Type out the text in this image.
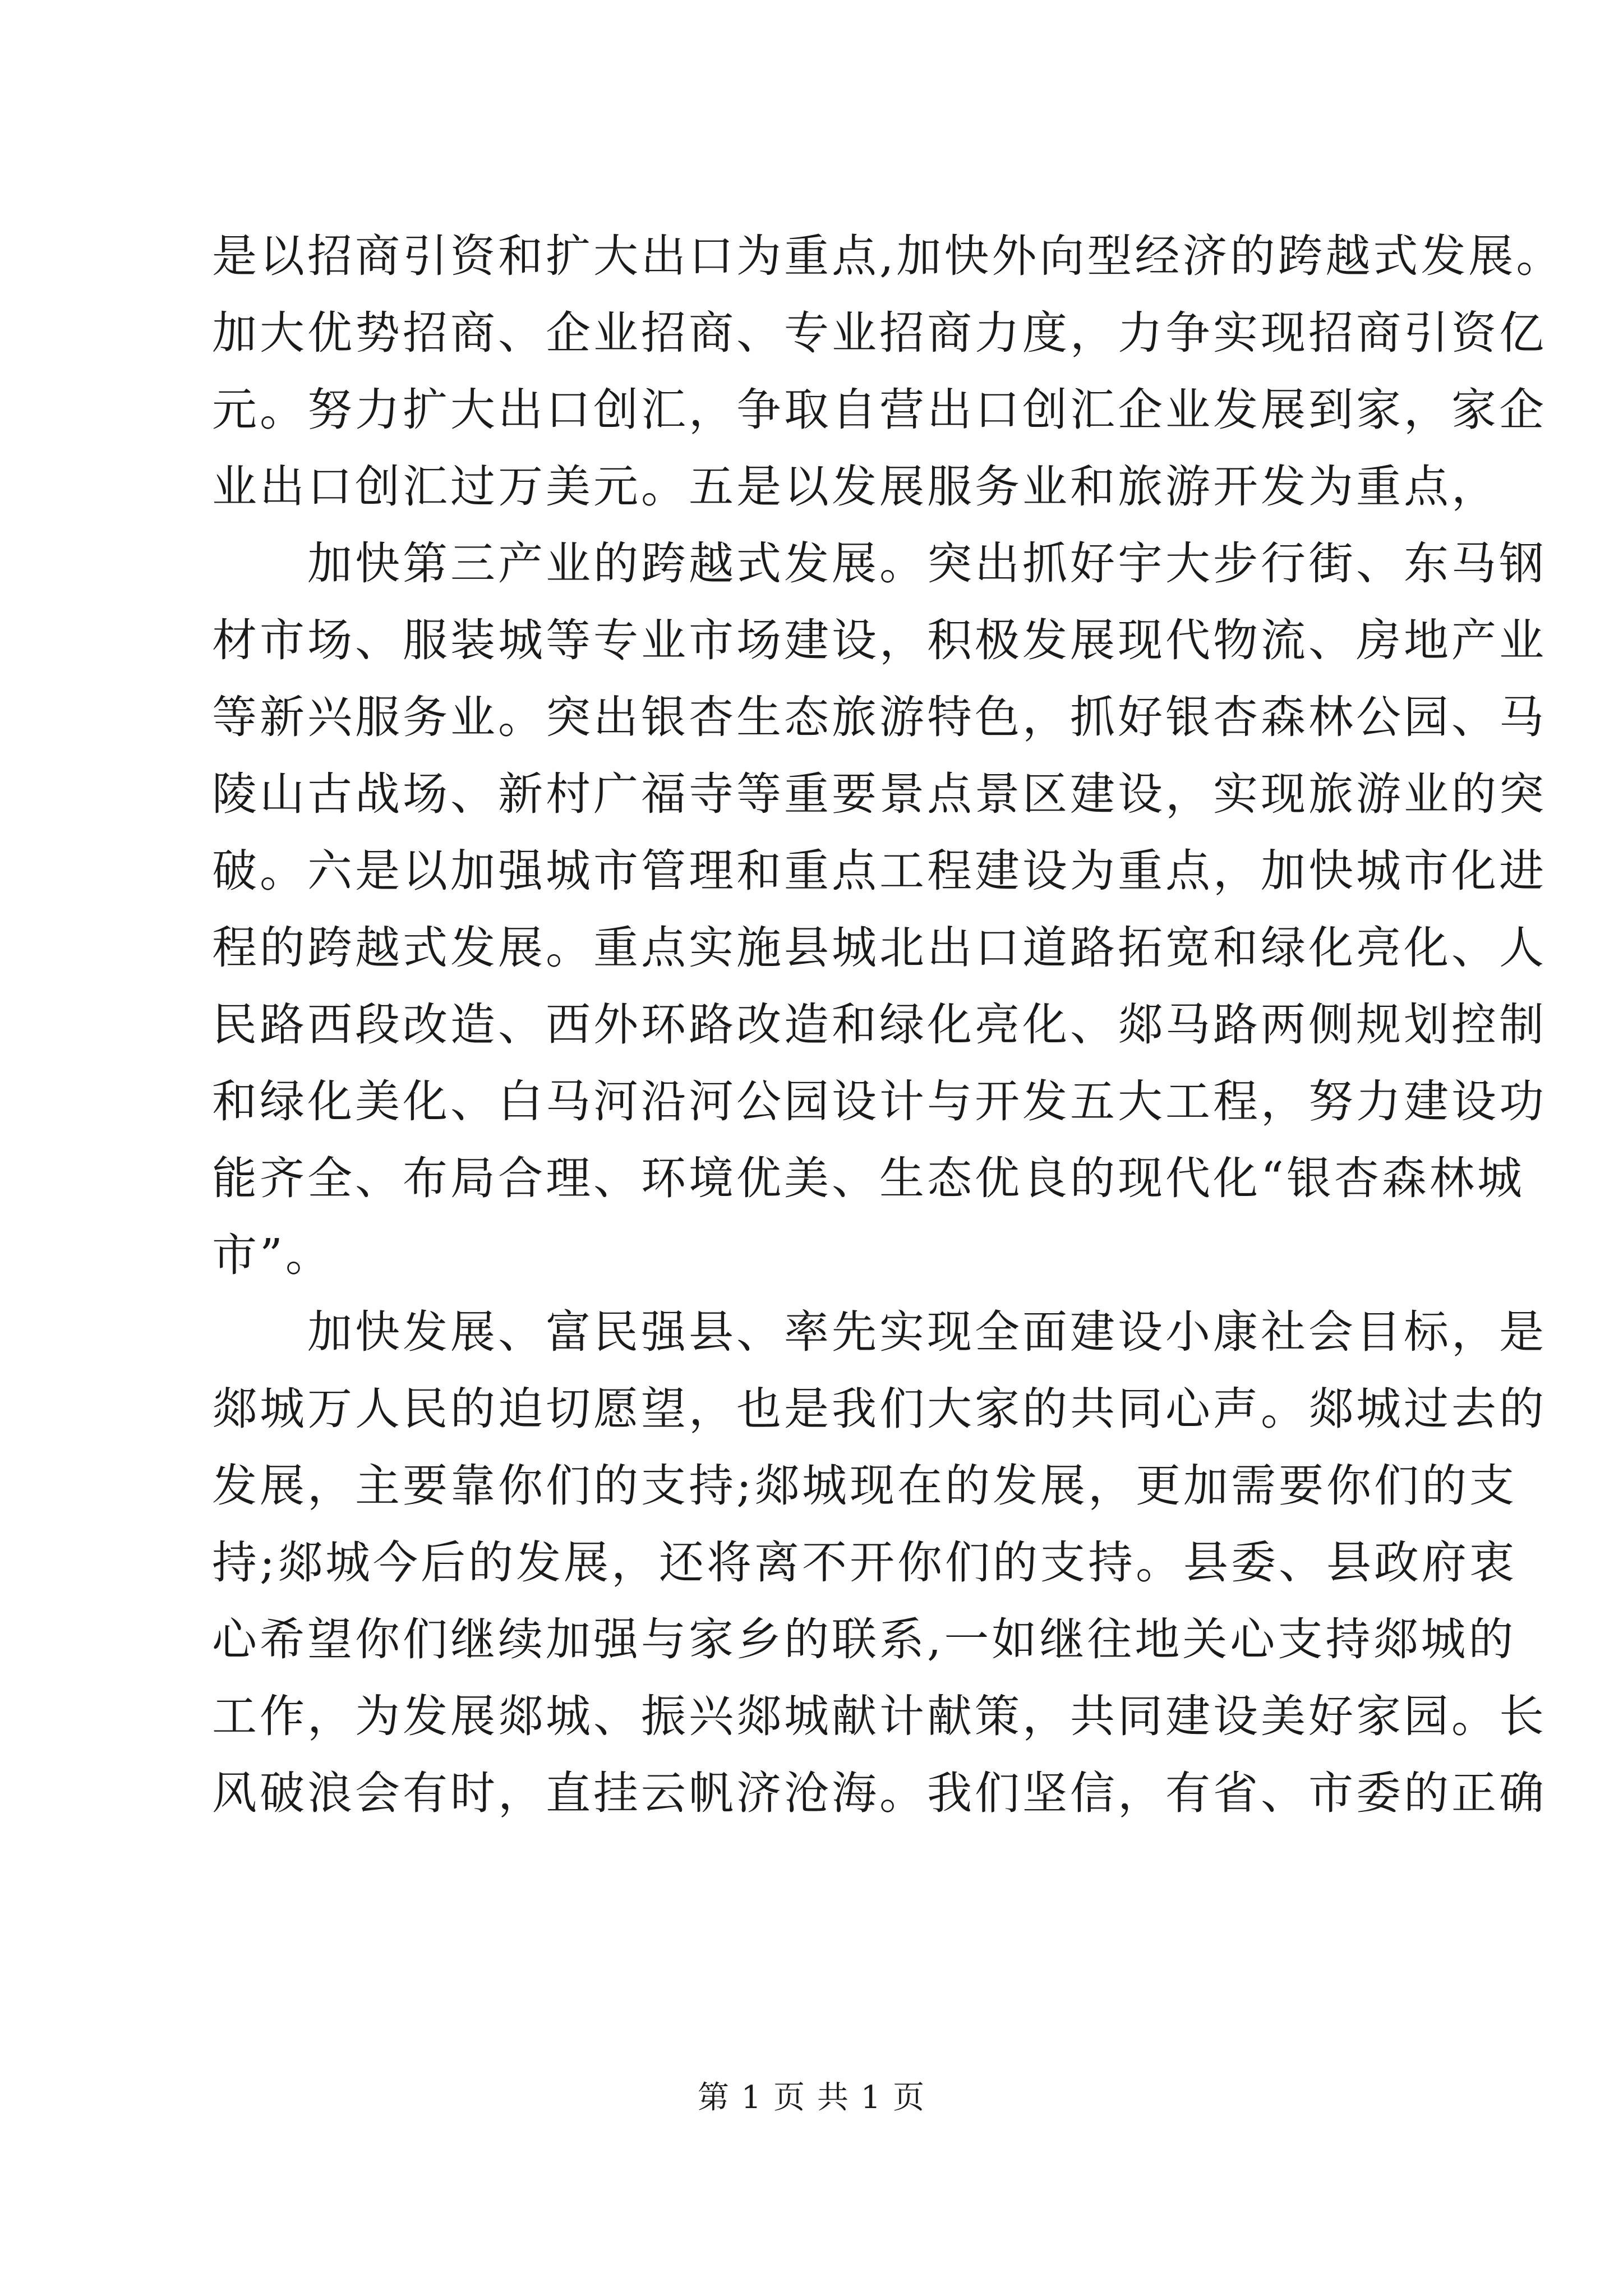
是以招商引资和扩大出口为重点,加快外向型经济的跨越式发展。
加大优势招商、企业招商、专业招商力度，力争实现招商引资亿
元。努力扩大出口创汇，争取自营出口创汇企业发展到家，家企
业出口创汇过万美元。五是以发展服务业和旅游开发为重点，
　　加快第三产业的跨越式发展。突出抓好宇大步行街、东马钢
材市场、服装城等专业市场建设，积极发展现代物流、房地产业
等新兴服务业。突出银杏生态旅游特色，抓好银杏森林公园、马
陵山古战场、新村广福寺等重要景点景区建设，实现旅游业的突
破。六是以加强城市管理和重点工程建设为重点，加快城市化进
程的跨越式发展。重点实施县城北出口道路拓宽和绿化亮化、人
民路西段改造、西外环路改造和绿化亮化、郯马路两侧规划控制
和绿化美化、白马河沿河公园设计与开发五大工程，努力建设功
能齐全、布局合理、环境优美、生态优良的现代化“银杏森林城
市”。
　　加快发展、富民强县、率先实现全面建设小康社会目标，是
郯城万人民的迫切愿望，也是我们大家的共同心声。郯城过去的
发展，主要靠你们的支持;郯城现在的发展，更加需要你们的支
持;郯城今后的发展，还将离不开你们的支持。县委、县政府衷
心希望你们继续加强与家乡的联系,一如继往地关心支持郯城的
工作，为发展郯城、振兴郯城献计献策，共同建设美好家园。长
风破浪会有时，直挂云帆济沧海。我们坚信，有省、市委的正确
第 1 页 共 1 页
